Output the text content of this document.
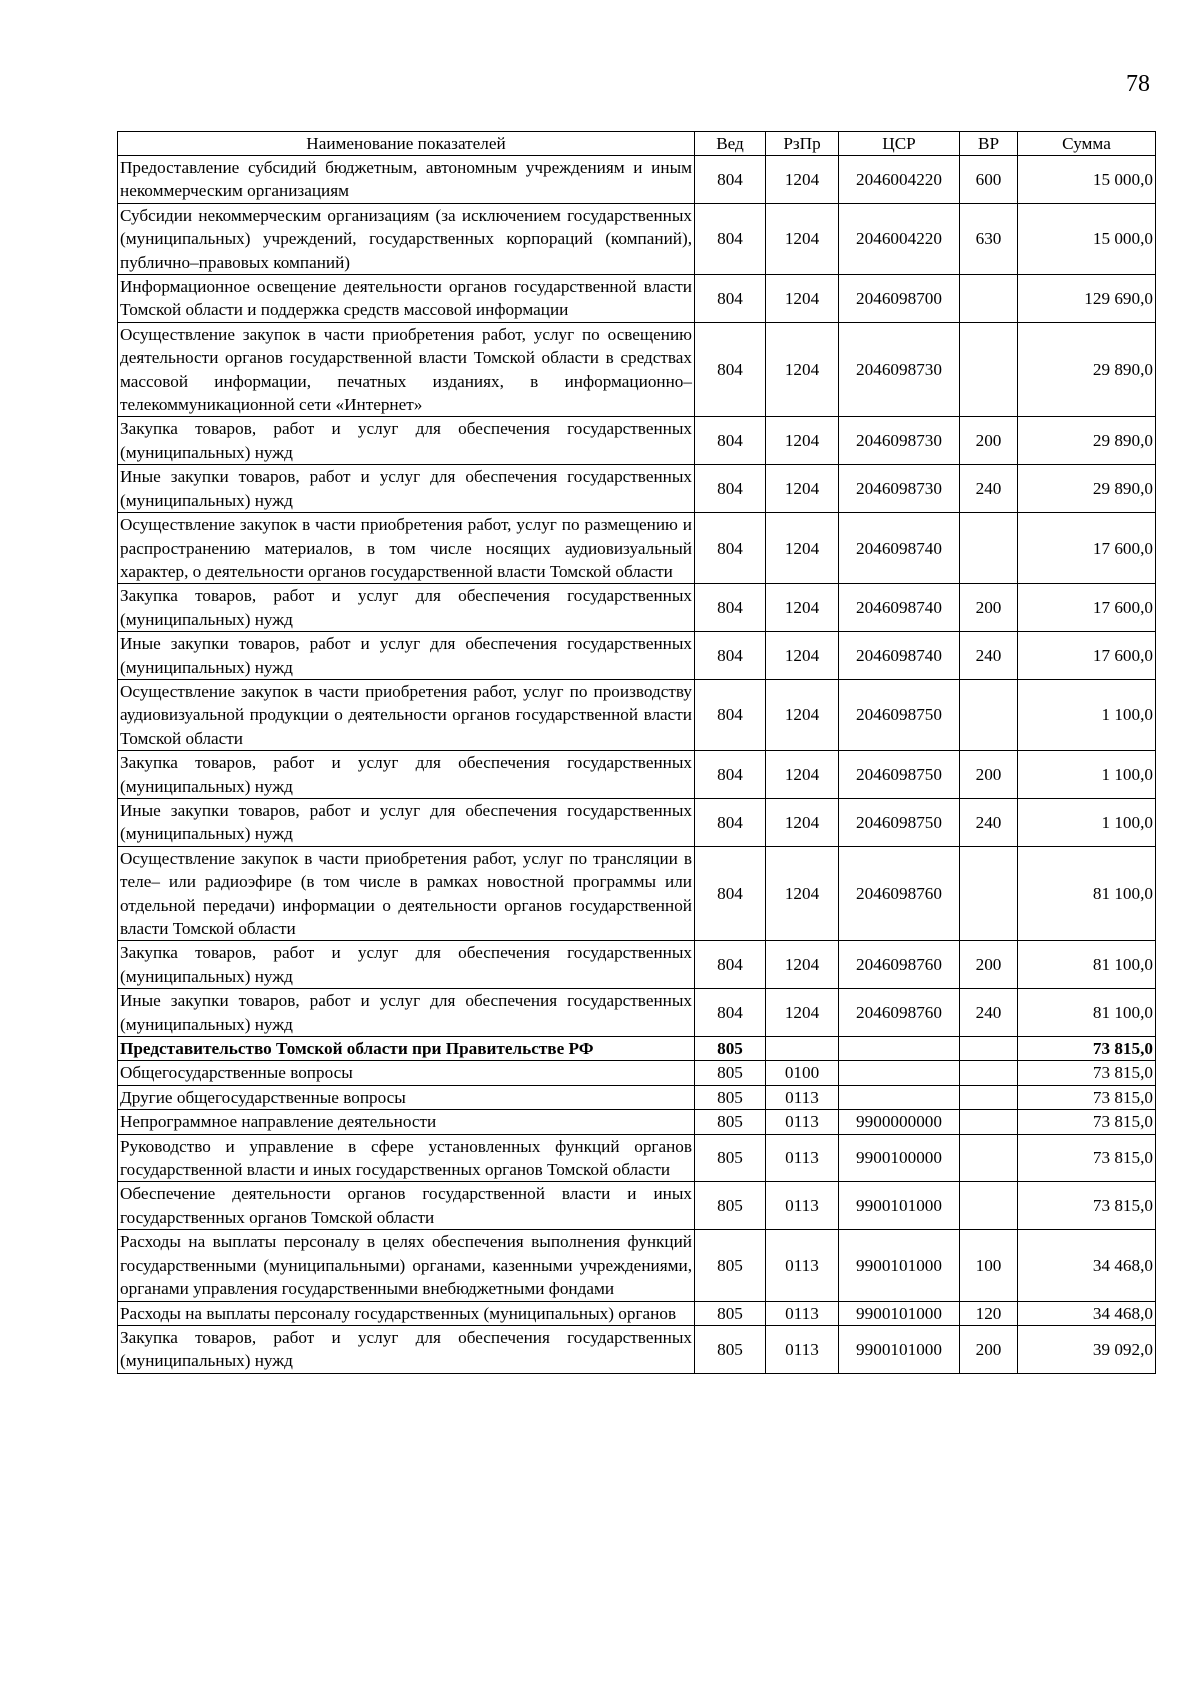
78
Наименование показателей	Вед	РзПр	ЦСР	ВР	Сумма
Предоставление субсидий бюджетным, автономным учреждениям и иным некоммерческим организациям	804	1204	2046004220	600	15 000,0
Субсидии некоммерческим организациям (за исключением государственных (муниципальных) учреждений, государственных корпораций (компаний), публично–правовых компаний)	804	1204	2046004220	630	15 000,0
Информационное освещение деятельности органов государственной власти Томской области и поддержка средств массовой информации	804	1204	2046098700		129 690,0
Осуществление закупок в части приобретения работ, услуг по освещению деятельности органов государственной власти Томской области в средствах массовой информации, печатных изданиях, в информационно–телекоммуникационной сети «Интернет»	804	1204	2046098730		29 890,0
Закупка товаров, работ и услуг для обеспечения государственных (муниципальных) нужд	804	1204	2046098730	200	29 890,0
Иные закупки товаров, работ и услуг для обеспечения государственных (муниципальных) нужд	804	1204	2046098730	240	29 890,0
Осуществление закупок в части приобретения работ, услуг по размещению и распространению материалов, в том числе носящих аудиовизуальный характер, о деятельности органов государственной власти Томской области	804	1204	2046098740		17 600,0
Закупка товаров, работ и услуг для обеспечения государственных (муниципальных) нужд	804	1204	2046098740	200	17 600,0
Иные закупки товаров, работ и услуг для обеспечения государственных (муниципальных) нужд	804	1204	2046098740	240	17 600,0
Осуществление закупок в части приобретения работ, услуг по производству аудиовизуальной продукции о деятельности органов государственной власти Томской области	804	1204	2046098750		1 100,0
Закупка товаров, работ и услуг для обеспечения государственных (муниципальных) нужд	804	1204	2046098750	200	1 100,0
Иные закупки товаров, работ и услуг для обеспечения государственных (муниципальных) нужд	804	1204	2046098750	240	1 100,0
Осуществление закупок в части приобретения работ, услуг по трансляции в теле– или радиоэфире (в том числе в рамках новостной программы или отдельной передачи) информации о деятельности органов государственной власти Томской области	804	1204	2046098760		81 100,0
Закупка товаров, работ и услуг для обеспечения государственных (муниципальных) нужд	804	1204	2046098760	200	81 100,0
Иные закупки товаров, работ и услуг для обеспечения государственных (муниципальных) нужд	804	1204	2046098760	240	81 100,0
Представительство Томской области при Правительстве РФ	805				73 815,0
Общегосударственные вопросы	805	0100			73 815,0
Другие общегосударственные вопросы	805	0113			73 815,0
Непрограммное направление деятельности	805	0113	9900000000		73 815,0
Руководство и управление в сфере установленных функций органов государственной власти и иных государственных органов Томской области	805	0113	9900100000		73 815,0
Обеспечение деятельности органов государственной власти и иных государственных органов Томской области	805	0113	9900101000		73 815,0
Расходы на выплаты персоналу в целях обеспечения выполнения функций государственными (муниципальными) органами, казенными учреждениями, органами управления государственными внебюджетными фондами	805	0113	9900101000	100	34 468,0
Расходы на выплаты персоналу государственных (муниципальных) органов	805	0113	9900101000	120	34 468,0
Закупка товаров, работ и услуг для обеспечения государственных (муниципальных) нужд	805	0113	9900101000	200	39 092,0
